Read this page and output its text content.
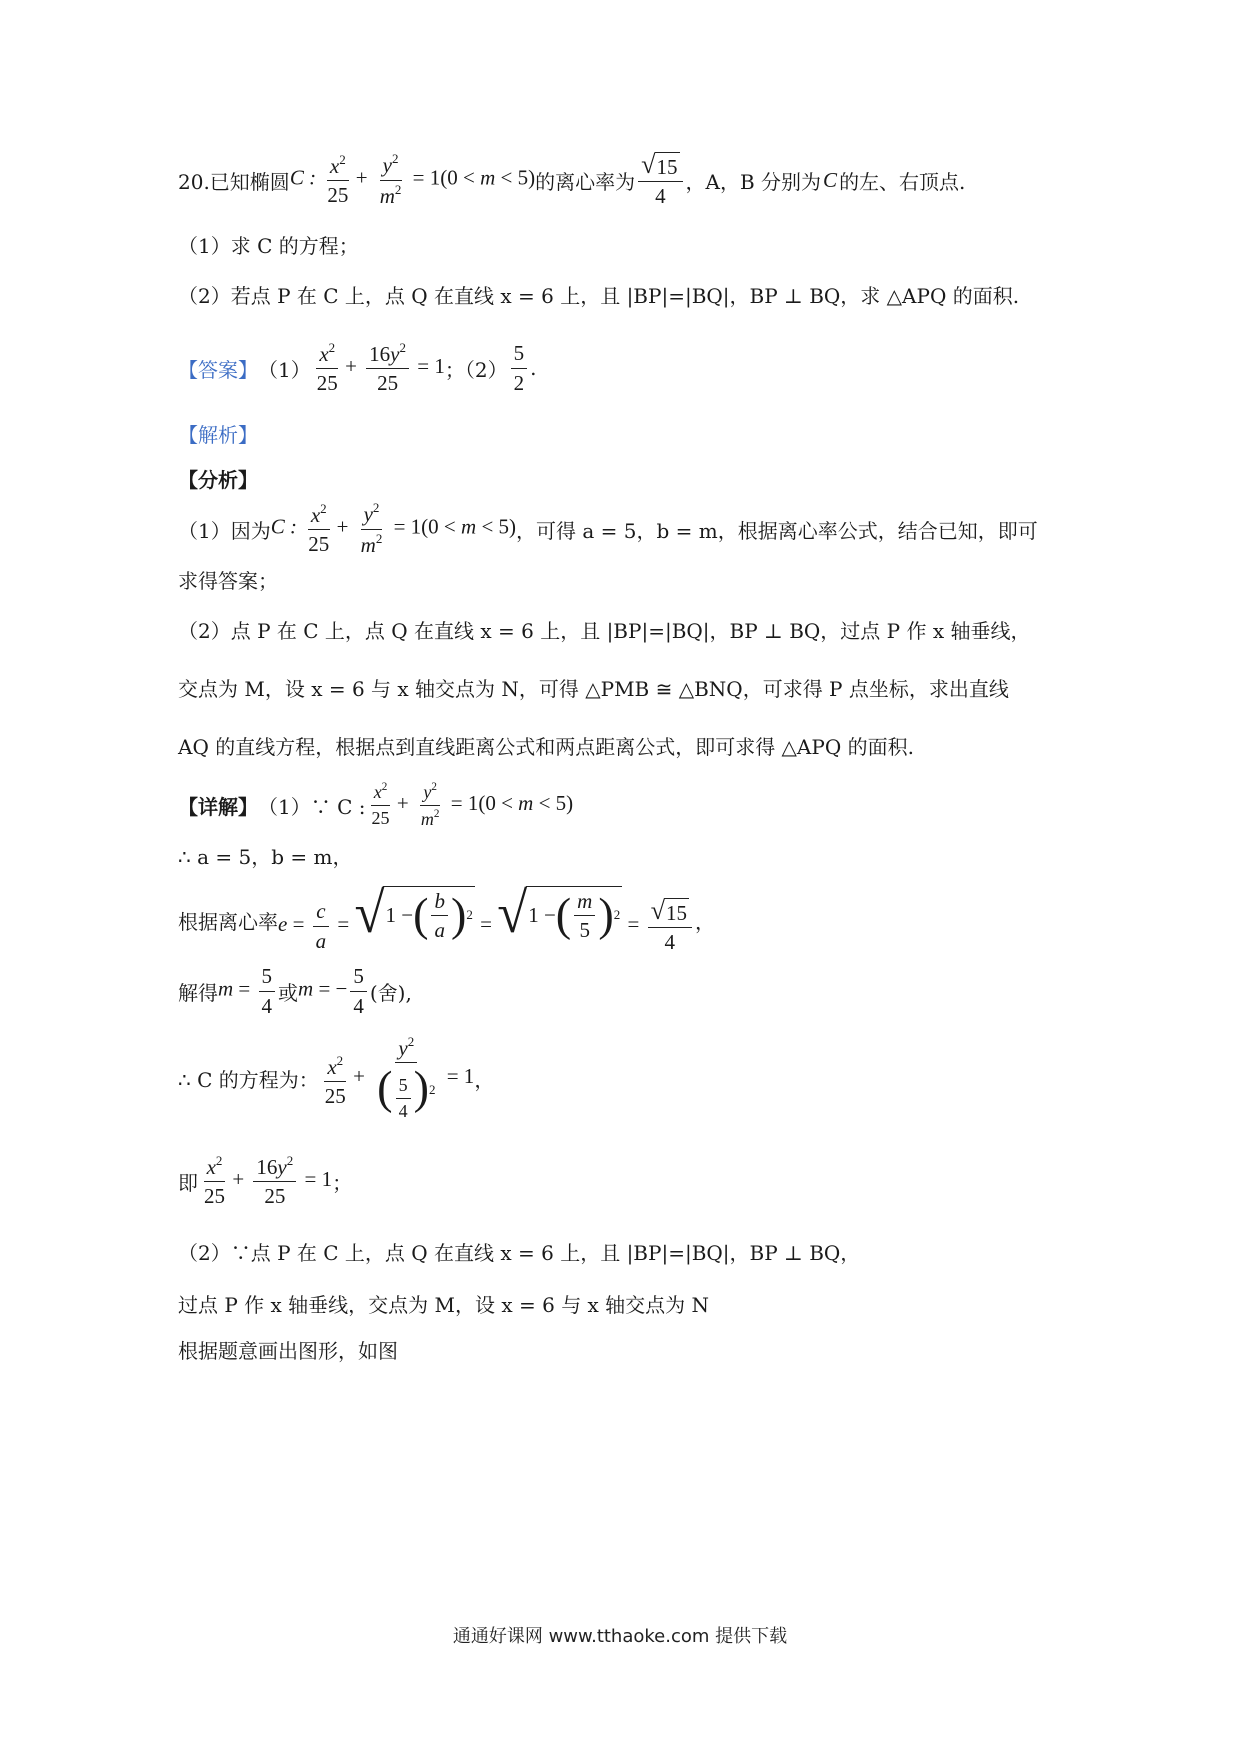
20.已知椭圆 C : $\frac{x^2}{25} + \frac{y^2}{m^2} = 1(0 < m < 5)$ 的离心率为 $\frac{√ 15}{4}$ ，A，B 分别为 C 的左、右顶点.
（1）求 C 的方程；
（2）若点 P 在 C 上，点 Q 在直线 x = 6 上，且 |BP|=|BQ|，BP ⊥ BQ，求 △APQ 的面积.
【答案】 $(1) \frac{x^2}{25} + \frac{16y^2}{25} = 1$ ；$(2) \frac{5}{2}$ .
【解析】
【分析】
（1）因为 C : $\frac{x^2}{25} + \frac{y^2}{m^2} = 1(0 < m < 5)$ ，可得 a = 5，b = m，根据离心率公式，结合已知，即可
求得答案；
（2）点 P 在 C 上，点 Q 在直线 x = 6 上，且 |BP|=|BQ|，BP ⊥ BQ，过点 P 作 x 轴垂线，
交点为 M，设 x = 6 与 x 轴交点为 N，可得 △PMB ≅ △BNQ，可求得 P 点坐标，求出直线
AQ 的直线方程，根据点到直线距离公式和两点距离公式，即可求得 △APQ 的面积.
【详解】 （1）∵ C : $\frac{x^2}{25} + \frac{y^2}{m^2} = 1(0 < m < 5)$
∴ a = 5，b = m，
根据离心率 $e = \frac{c}{a}$ = √ 1 − ( $\frac{b}{a}$ ) 2 = √ 1 − ( $\frac{m}{5}$ ) $2 = \frac{√ 15}{4}$ ，
解得 $m = \frac{5}{4}$ 或 m = − $\frac{5}{4}$ (舍),
∴ C 的方程为： $\frac{x^2}{25} + \frac{y^2}{( \frac{5}{4} )^2} = 1$ ，
即 $\frac{x^2}{25} + \frac{16y^2}{25} = 1$ ；
（2）∵点 P 在 C 上，点 Q 在直线 x = 6 上，且 |BP|=|BQ|，BP ⊥ BQ，
过点 P 作 x 轴垂线，交点为 M，设 x = 6 与 x 轴交点为 N
根据题意画出图形，如图
通通好课网 www.tthaoke.com 提供下载
